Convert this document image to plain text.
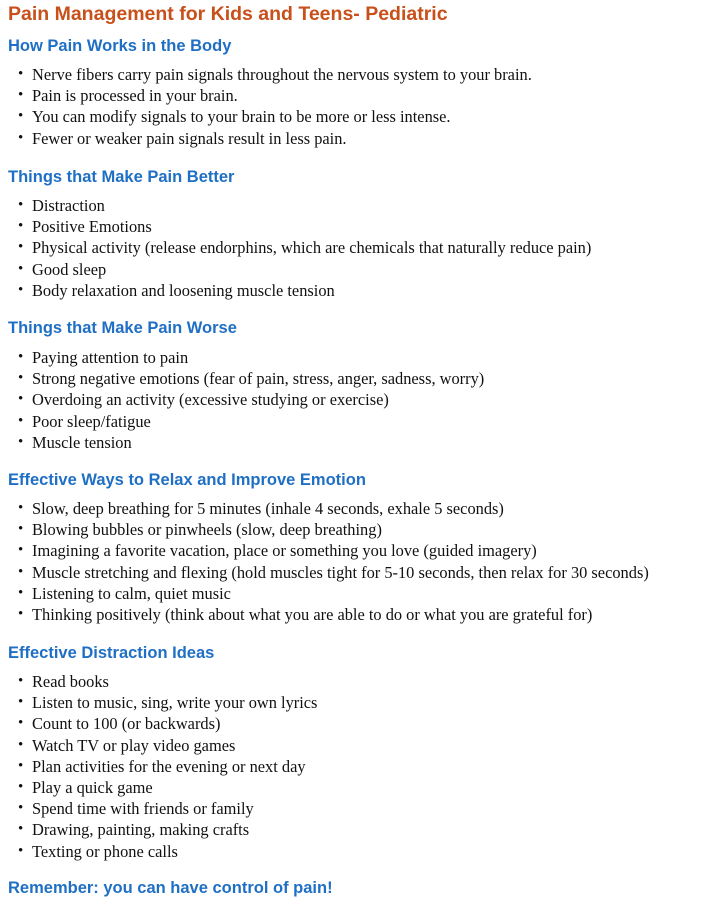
Pain Management for Kids and Teens- Pediatric
How Pain Works in the Body
• Nerve fibers carry pain signals throughout the nervous system to your brain.
• Pain is processed in your brain.
• You can modify signals to your brain to be more or less intense.
• Fewer or weaker pain signals result in less pain.
Things that Make Pain Better
• Distraction
• Positive Emotions
• Physical activity (release endorphins, which are chemicals that naturally reduce pain)
• Good sleep
• Body relaxation and loosening muscle tension
Things that Make Pain Worse
• Paying attention to pain
• Strong negative emotions (fear of pain, stress, anger, sadness, worry)
• Overdoing an activity (excessive studying or exercise)
• Poor sleep/fatigue
• Muscle tension
Effective Ways to Relax and Improve Emotion
• Slow, deep breathing for 5 minutes (inhale 4 seconds, exhale 5 seconds)
• Blowing bubbles or pinwheels (slow, deep breathing)
• Imagining a favorite vacation, place or something you love (guided imagery)
• Muscle stretching and flexing (hold muscles tight for 5-10 seconds, then relax for 30 seconds)
• Listening to calm, quiet music
• Thinking positively (think about what you are able to do or what you are grateful for)
Effective Distraction Ideas
• Read books
• Listen to music, sing, write your own lyrics
• Count to 100 (or backwards)
• Watch TV or play video games
• Plan activities for the evening or next day
• Play a quick game
• Spend time with friends or family
• Drawing, painting, making crafts
• Texting or phone calls

Remember: you can have control of pain!
